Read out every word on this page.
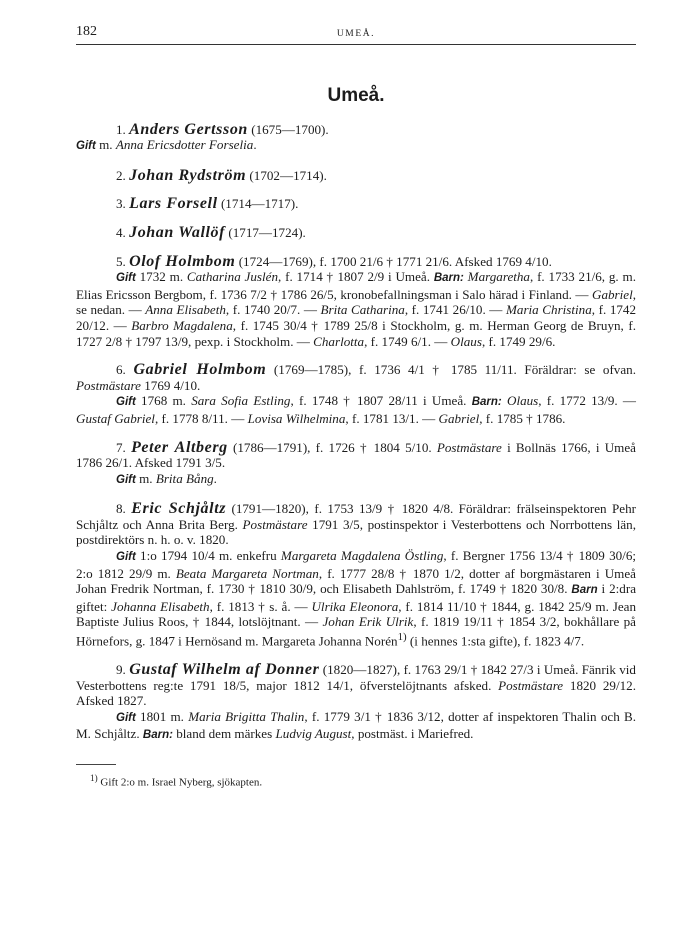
182	UMEÅ.
Umeå.

1. Anders Gertsson (1675—1700).

Gift m. Anna Ericsdotter Forselia.

2. Johan Rydström (1702—1714).

3. Lars Forsell (1714—1717).

4. Johan Wallöf (1717—1724).

5. Olof Holmbom (1724—1769), f. 1700 21/6 † 1771 21/6. Afsked 1769 4/10.

Gift 1732 m. Catharina Juslén, f. 1714 † 1807 2/9 i Umeå. Barn: Margaretha, f. 1733 21/6, g. m. Elias Ericsson Bergbom, f. 1736 7/2 † 1786 26/5, kronobefallningsman i Salo härad i Finland. — Gabriel, se nedan. — Anna Elisabeth, f. 1740 20/7. — Brita Catharina, f. 1741 26/10. — Maria Christina, f. 1742 20/12. — Barbro Magdalena, f. 1745 30/4 † 1789 25/8 i Stockholm, g. m. Herman Georg de Bruyn, f. 1727 2/8 † 1797 13/9, pexp. i Stockholm. — Charlotta, f. 1749 6/1. — Olaus, f. 1749 29/6.

6. Gabriel Holmbom (1769—1785), f. 1736 4/1 † 1785 11/11. Föräldrar: se ofvan. Postmästare 1769 4/10.

Gift 1768 m. Sara Sofia Estling, f. 1748 † 1807 28/11 i Umeå. Barn: Olaus, f. 1772 13/9. — Gustaf Gabriel, f. 1778 8/11. — Lovisa Wilhelmina, f. 1781 13/1. — Gabriel, f. 1785 † 1786.

7. Peter Altberg (1786—1791), f. 1726 † 1804 5/10. Postmästare i Bollnäs 1766, i Umeå 1786 26/1. Afsked 1791 3/5.

Gift m. Brita Bång.

8. Eric Schjåltz (1791—1820), f. 1753 13/9 † 1820 4/8. Föräldrar: frälseinspektoren Pehr Schjåltz och Anna Brita Berg. Postmästare 1791 3/5, postinspektor i Vesterbottens och Norrbottens län, postdirektörs n. h. o. v. 1820.

Gift 1:o 1794 10/4 m. enkefru Margareta Magdalena Östling, f. Bergner 1756 13/4 † 1809 30/6; 2:o 1812 29/9 m. Beata Margareta Nortman, f. 1777 28/8 † 1870 1/2, dotter af borgmästaren i Umeå Johan Fredrik Nortman, f. 1730 † 1810 30/9, och Elisabeth Dahlström, f. 1749 † 1820 30/8. Barn i 2:dra giftet: Johanna Elisabeth, f. 1813 † s. å. — Ulrika Eleonora, f. 1814 11/10 † 1844, g. 1842 25/9 m. Jean Baptiste Julius Roos, † 1844, lotslöjtnant. — Johan Erik Ulrik, f. 1819 19/11 † 1854 3/2, bokhållare på Hörnefors, g. 1847 i Hernösand m. Margareta Johanna Norén$^{1)}$ (i hennes 1:sta gifte), f. 1823 4/7.

9. Gustaf Wilhelm af Donner (1820—1827), f. 1763 29/1 † 1842 27/3 i Umeå. Fänrik vid Vesterbottens reg:te 1791 18/5, major 1812 14/1, öfverstelöjtnants afsked. Postmästare 1820 29/12. Afsked 1827.

Gift 1801 m. Maria Brigitta Thalin, f. 1779 3/1 † 1836 3/12, dotter af inspektoren Thalin och B. M. Schjåltz. Barn: bland dem märkes Ludvig August, postmäst. i Mariefred.

$^{1)}$ Gift 2:o m. Israel Nyberg, sjökapten.
